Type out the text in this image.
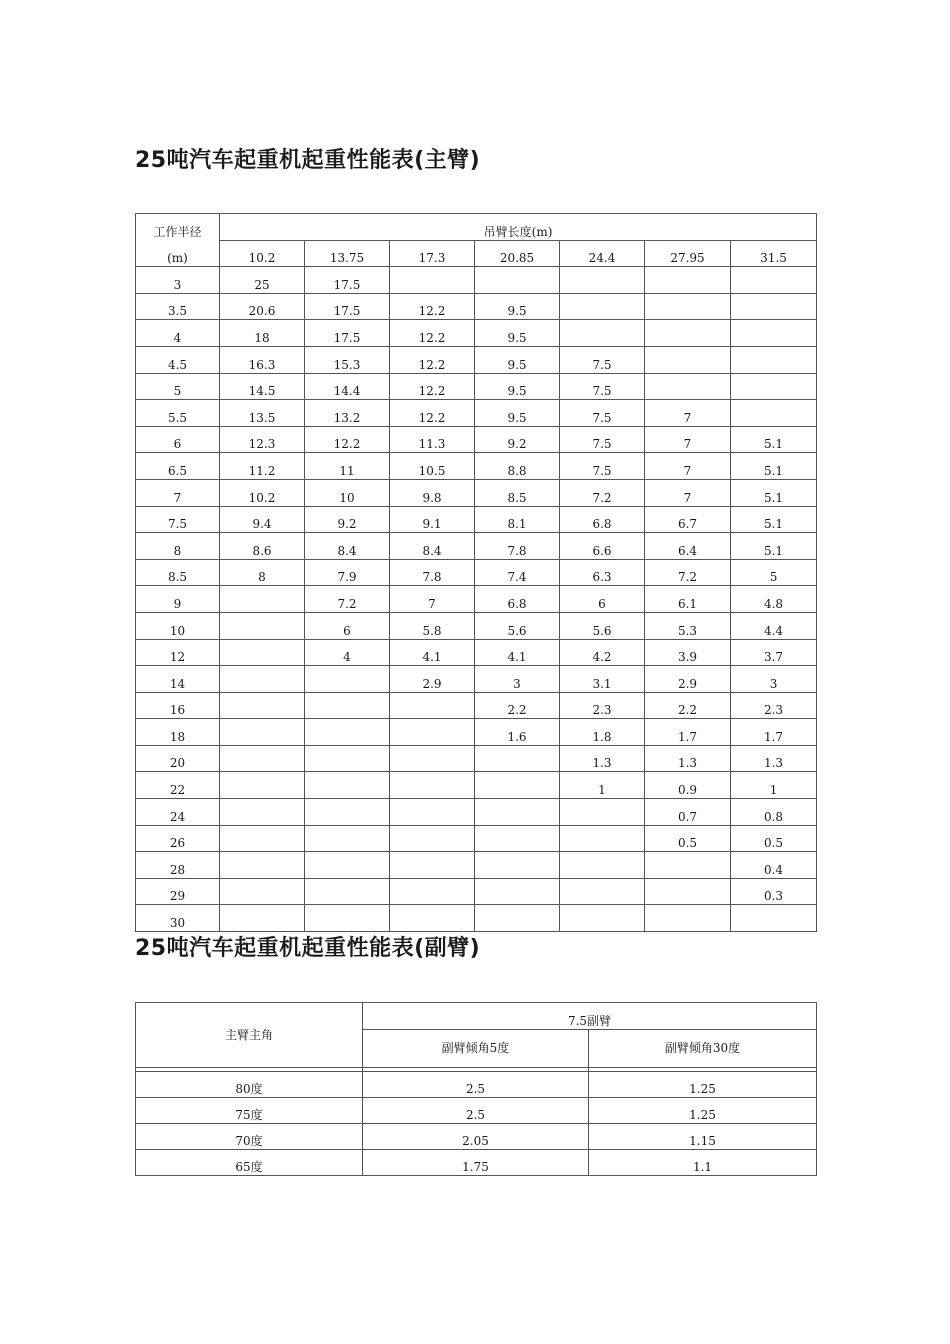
25吨汽车起重机起重性能表(主臂)
工作半径	吊臂长度(m)						
(m)	10.2	13.75	17.3	20.85	24.4	27.95	31.5
3	25	17.5					
3.5	20.6	17.5	12.2	9.5			
4	18	17.5	12.2	9.5			
4.5	16.3	15.3	12.2	9.5	7.5		
5	14.5	14.4	12.2	9.5	7.5		
5.5	13.5	13.2	12.2	9.5	7.5	7	
6	12.3	12.2	11.3	9.2	7.5	7	5.1
6.5	11.2	11	10.5	8.8	7.5	7	5.1
7	10.2	10	9.8	8.5	7.2	7	5.1
7.5	9.4	9.2	9.1	8.1	6.8	6.7	5.1
8	8.6	8.4	8.4	7.8	6.6	6.4	5.1
8.5	8	7.9	7.8	7.4	6.3	7.2	5
9		7.2	7	6.8	6	6.1	4.8
10		6	5.8	5.6	5.6	5.3	4.4
12		4	4.1	4.1	4.2	3.9	3.7
14			2.9	3	3.1	2.9	3
16				2.2	2.3	2.2	2.3
18				1.6	1.8	1.7	1.7
20					1.3	1.3	1.3
22					1	0.9	1
24						0.7	0.8
26						0.5	0.5
28							0.4
29							0.3
30							
25吨汽车起重机起重性能表(副臂)
主臂主角	7.5副臂	
	副臂倾角5度	副臂倾角30度

80度	2.5	1.25
75度	2.5	1.25
70度	2.05	1.15
65度	1.75	1.1
